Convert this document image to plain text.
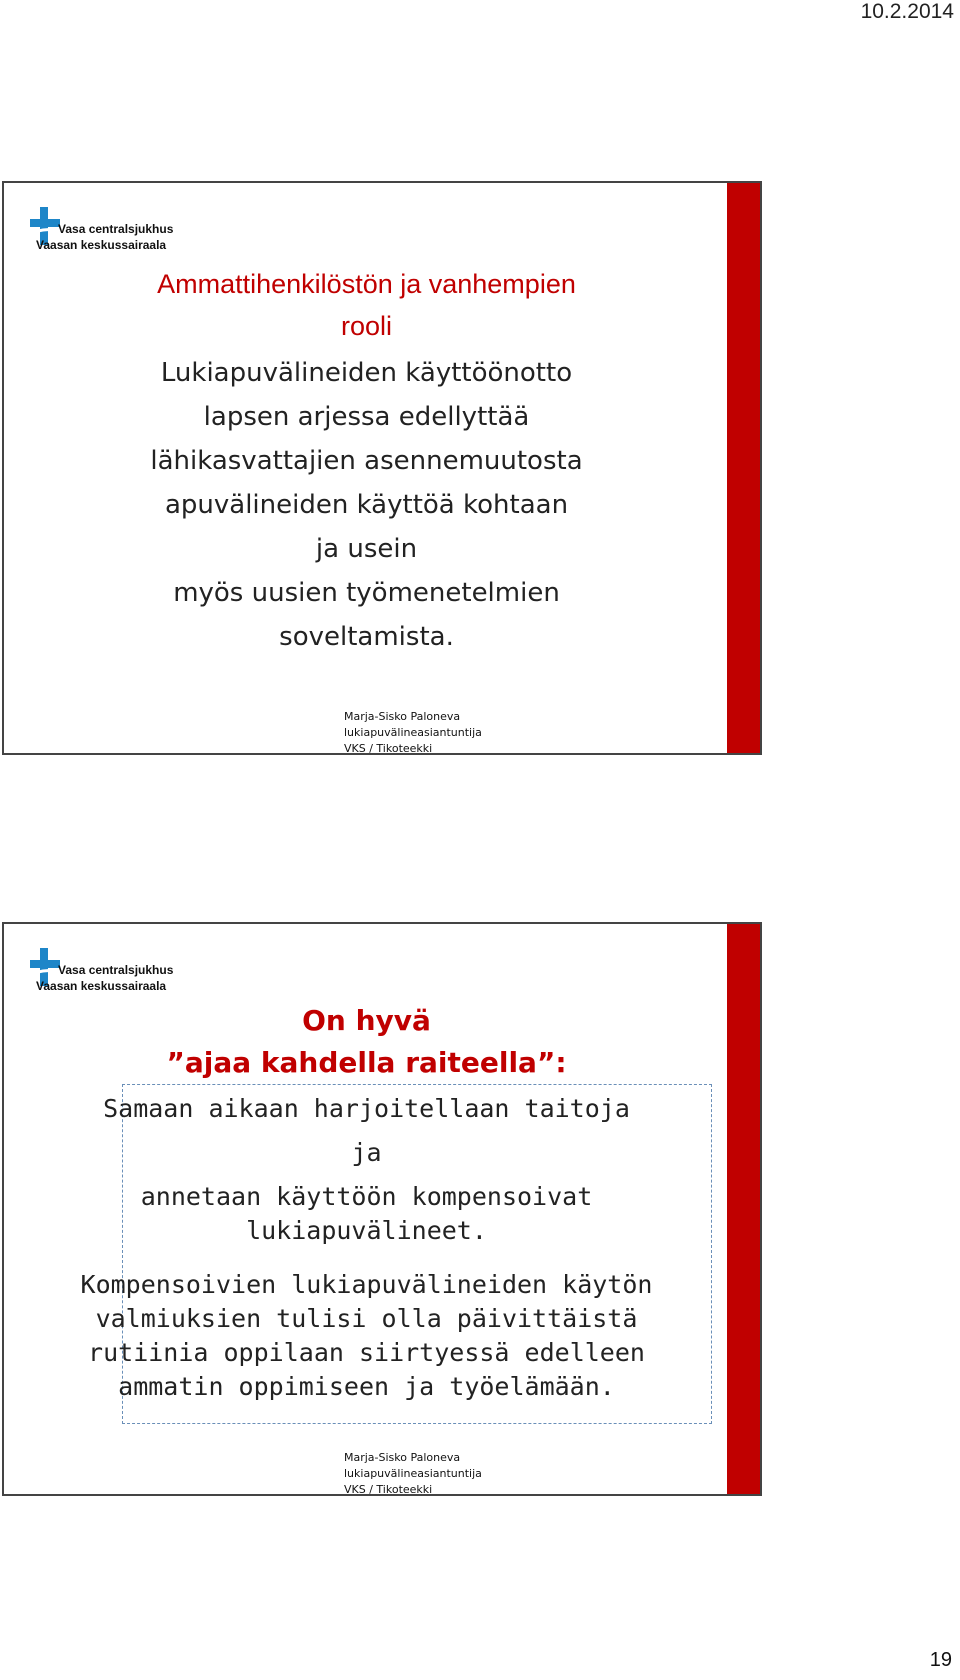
10.2.2014
Vasa centralsjukhus
Vaasan keskussairaala
Ammattihenkilöstön ja vanhempien
rooli
Lukiapuvälineiden käyttöönotto
lapsen arjessa edellyttää
lähikasvattajien asennemuutosta
apuvälineiden käyttöä kohtaan
ja usein
myös uusien työmenetelmien
soveltamista.
Marja-Sisko Paloneva
lukiapuvälineasiantuntija
VKS / Tikoteekki
Vasa centralsjukhus
Vaasan keskussairaala
On hyvä
”ajaa kahdella raiteella”:
Samaan aikaan harjoitellaan taitoja
ja
annetaan käyttöön kompensoivat
lukiapuvälineet.
Kompensoivien lukiapuvälineiden käytön
valmiuksien tulisi olla päivittäistä
rutiinia oppilaan siirtyessä edelleen
ammatin oppimiseen ja työelämään.
Marja-Sisko Paloneva
lukiapuvälineasiantuntija
VKS / Tikoteekki
19
